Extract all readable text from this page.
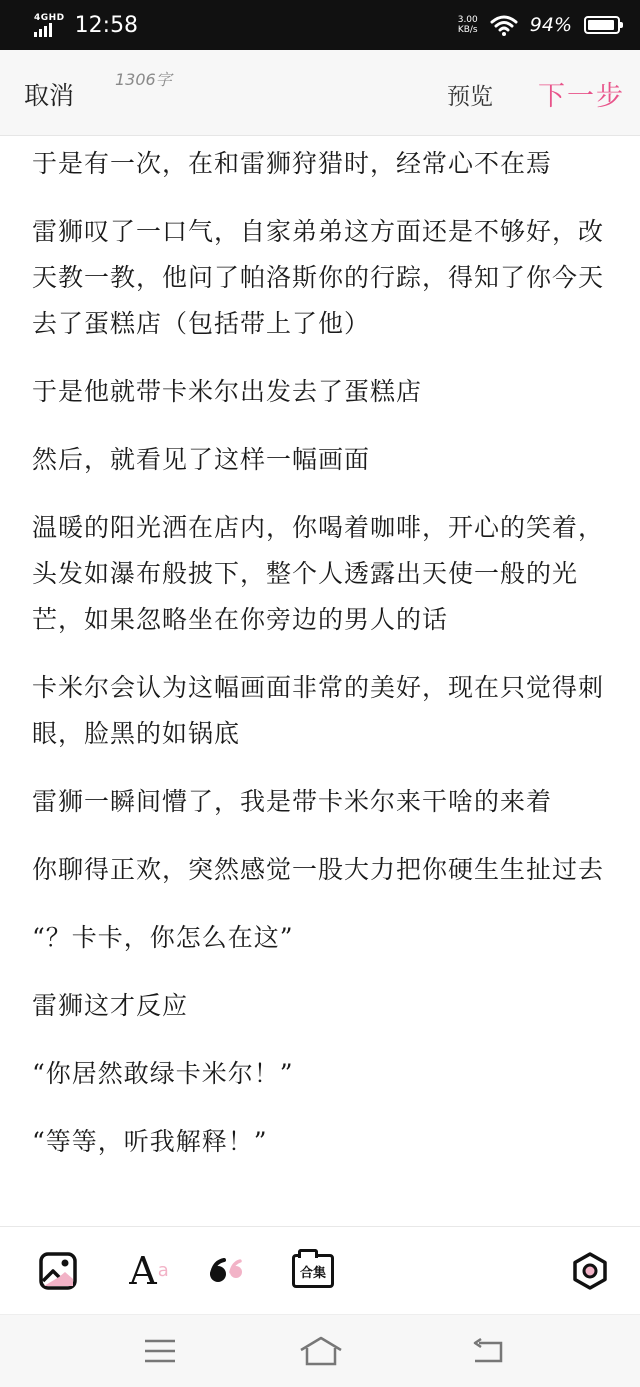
4GHD 12:58	3.00
KB/s	94%
取消
1306字
预览 下一步

于是有一次，在和雷狮狩猎时，经常心不在焉

雷狮叹了一口气，自家弟弟这方面还是不够好，改天教一教，他问了帕洛斯你的行踪，得知了你今天去了蛋糕店（包括带上了他）

于是他就带卡米尔出发去了蛋糕店

然后，就看见了这样一幅画面

温暖的阳光洒在店内，你喝着咖啡，开心的笑着，头发如瀑布般披下，整个人透露出天使一般的光芒，如果忽略坐在你旁边的男人的话

卡米尔会认为这幅画面非常的美好，现在只觉得刺眼，脸黑的如锅底

雷狮一瞬间懵了，我是带卡米尔来干啥的来着

你聊得正欢，突然感觉一股大力把你硬生生扯过去

“？卡卡，你怎么在这”

雷狮这才反应

“你居然敢绿卡米尔！”

“等等，听我解释！”

A a	合集
